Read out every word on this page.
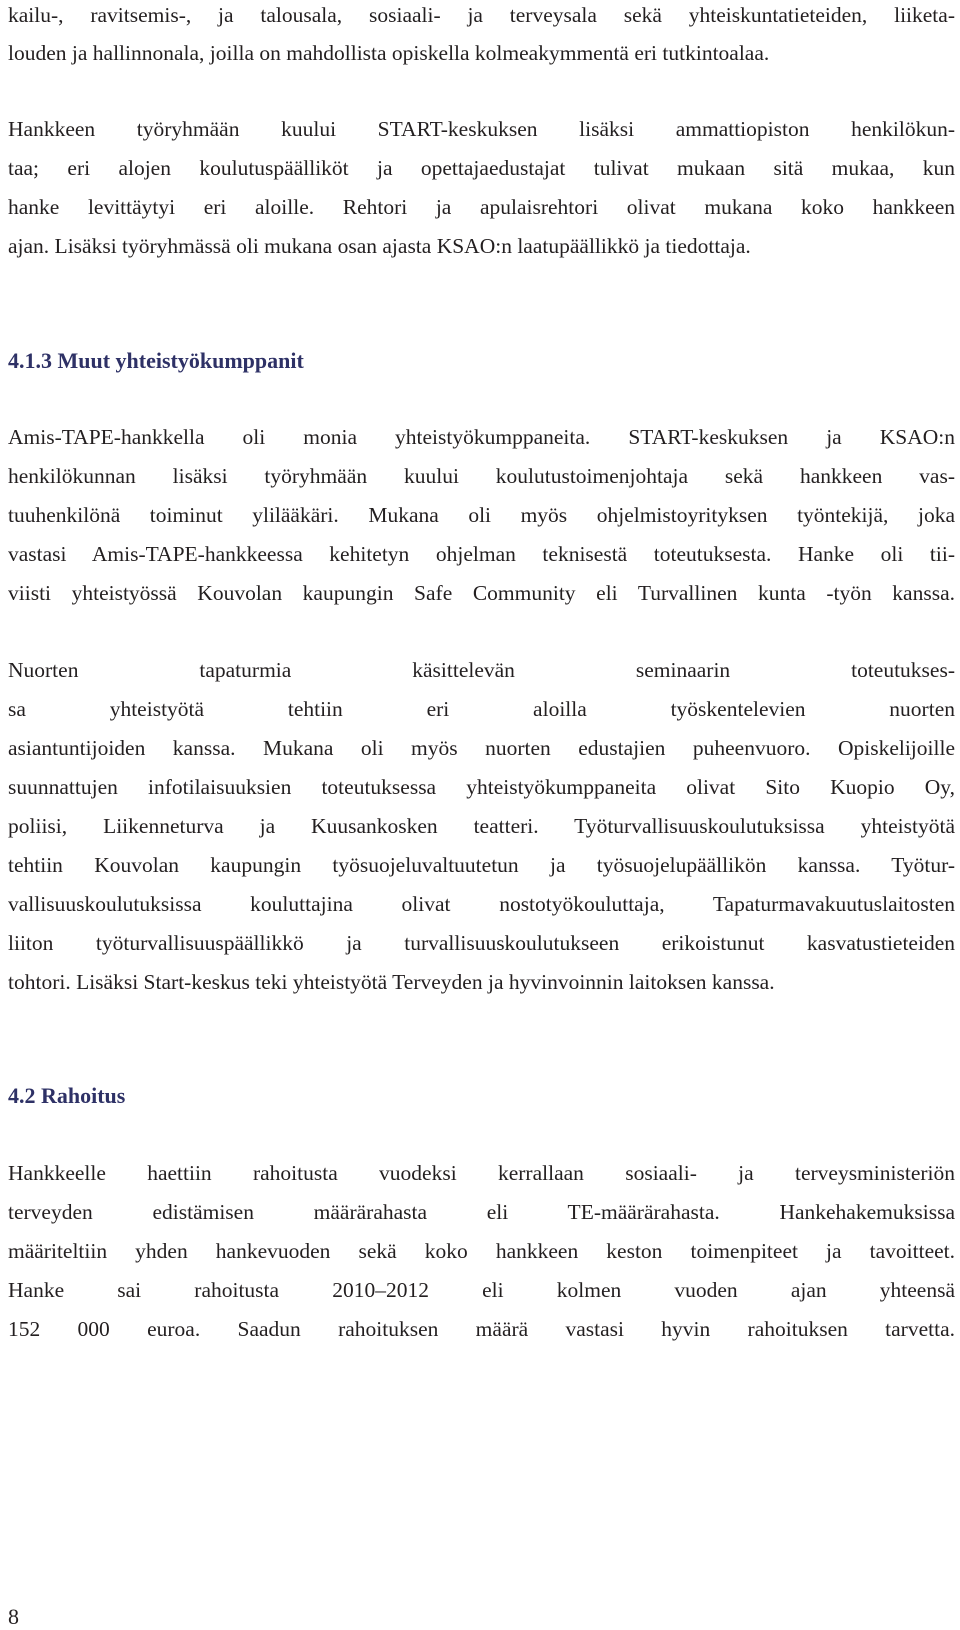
kailu-, ravitsemis-, ja talousala, sosiaali- ja terveysala sekä yhteiskuntatieteiden, liiketa-
louden ja hallinnonala, joilla on mahdollista opiskella kolmeakymmentä eri tutkintoalaa.
Hankkeen työryhmään kuului START-keskuksen lisäksi ammattiopiston henkilökun-
taa; eri alojen koulutuspäälliköt ja opettajaedustajat tulivat mukaan sitä mukaa, kun
hanke levittäytyi eri aloille. Rehtori ja apulaisrehtori olivat mukana koko hankkeen
ajan. Lisäksi työryhmässä oli mukana osan ajasta KSAO:n laatupäällikkö ja tiedottaja.
4.1.3 Muut yhteistyökumppanit
Amis-TAPE-hankkella oli monia yhteistyökumppaneita. START-keskuksen ja KSAO:n
henkilökunnan lisäksi työryhmään kuului koulutustoimenjohtaja sekä hankkeen vas-
tuuhenkilönä toiminut ylilääkäri. Mukana oli myös ohjelmistoyrityksen työntekijä, joka
vastasi Amis-TAPE-hankkeessa kehitetyn ohjelman teknisestä toteutuksesta. Hanke oli tii-
viisti yhteistyössä Kouvolan kaupungin Safe Community eli Turvallinen kunta -työn kanssa.
Nuorten tapaturmia käsittelevän seminaarin toteutukses-
sa yhteistyötä tehtiin eri aloilla työskentelevien nuorten
asiantuntijoiden kanssa. Mukana oli myös nuorten edustajien puheenvuoro. Opiskelijoille
suunnattujen infotilaisuuksien toteutuksessa yhteistyökumppaneita olivat Sito Kuopio Oy,
poliisi, Liikenneturva ja Kuusankosken teatteri. Työturvallisuuskoulutuksissa yhteistyötä
tehtiin Kouvolan kaupungin työsuojeluvaltuutetun ja työsuojelupäällikön kanssa. Työtur-
vallisuuskoulutuksissa kouluttajina olivat nostotyökouluttaja, Tapaturmavakuutuslaitosten
liiton työturvallisuuspäällikkö ja turvallisuuskoulutukseen erikoistunut kasvatustieteiden
tohtori. Lisäksi Start-keskus teki yhteistyötä Terveyden ja hyvinvoinnin laitoksen kanssa.
4.2 Rahoitus
Hankkeelle haettiin rahoitusta vuodeksi kerrallaan sosiaali- ja terveysministeriön
terveyden edistämisen määrärahasta eli TE-määrärahasta. Hankehakemuksissa
määriteltiin yhden hankevuoden sekä koko hankkeen keston toimenpiteet ja tavoitteet.
Hanke sai rahoitusta 2010–2012 eli kolmen vuoden ajan yhteensä
152 000 euroa. Saadun rahoituksen määrä vastasi hyvin rahoituksen tarvetta.
8
